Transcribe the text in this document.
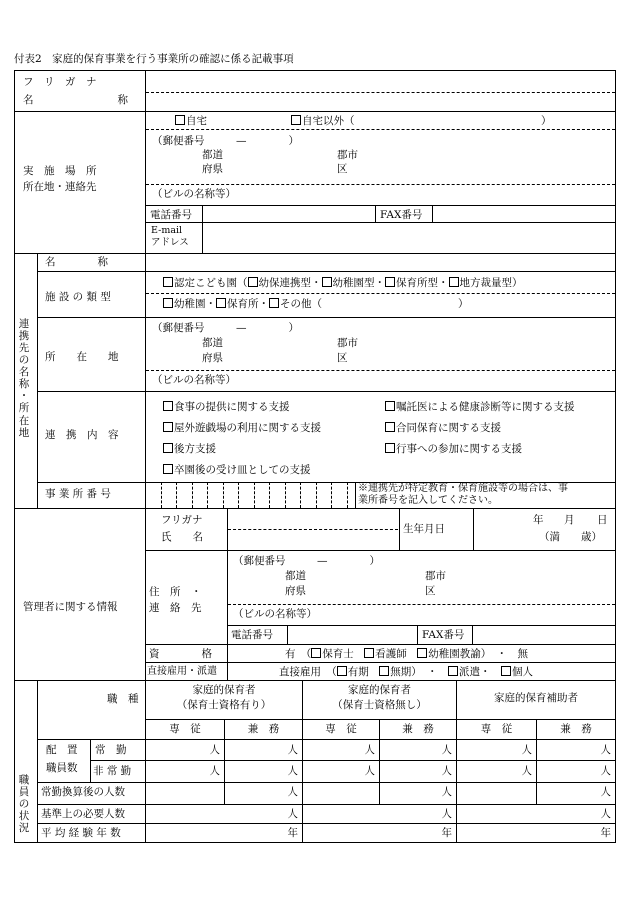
付表2　家庭的保育事業を行う事業所の確認に係る記載事項
フ　リ　ガ　ナ
名　　　　　　　　称
実　施　場　所
所在地・連絡先
自宅	自宅以外（	）
（郵便番号　　　—　　　　）
都道
府県
郡市
区
（ビルの名称等）
電話番号	FAX番号
E-mail
アドレス
連
携
先
の
名
称
・
所
在
地
名　　　　称
施 設 の 類 型
認定こども園（ 幼保連携型・ 幼稚園型・ 保育所型・ 地方裁量型）
幼稚園・ 保育所・ その他（	）
所　　在　　地
（郵便番号　　　—　　　　）
都道
府県
郡市
区
（ビルの名称等）
連　携　内　容
食事の提供に関する支援	嘱託医による健康診断等に関する支援
屋外遊戯場の利用に関する支援	合同保育に関する支援
後方支援	行事への参加に関する支援
卒園後の受け皿としての支援
事 業 所 番 号	※連携先が特定教育・保育施設等の場合は、事
業所番号を記入してください。
管理者に関する情報
フリガナ
氏　　名
生年月日
年 月 日
（満　　歳）
住　所　・
連　絡　先
（郵便番号　　　—　　　　）
都道
府県
郡市
区
（ビルの名称等）
電話番号	FAX番号
資　　　　格	有　（ 保育士　 看護師　 幼稚園教諭）　 ・　無
直接雇用・派遣	直接雇用　（ 有期　 無期）　・　 派遣・　 個人
職
員
の
状
況
職　種
家庭的保育者
（保育士資格有り）
家庭的保育者
（保育士資格無し）
家庭的保育補助者
専　従	兼　務	専　従	兼　務	専　従	兼　務
配　置
職員数
常　勤
非 常 勤
人	人	人	人	人	人
人	人	人	人	人	人
常勤換算後の人数	人	人	人
基準上の必要人数	人	人	人
平 均 経 験 年 数	年	年	年
